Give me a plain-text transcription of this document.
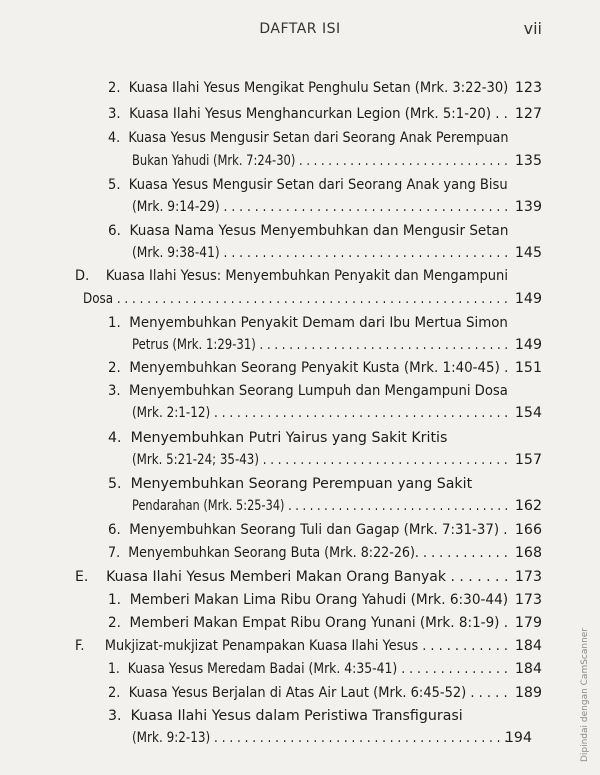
DAFTAR ISI	vii
2. Kuasa Ilahi Yesus Mengikat Penghulu Setan (Mrk. 3:22-30) 123
3. Kuasa Ilahi Yesus Menghancurkan Legion (Mrk. 5:1-20) . . 127
4. Kuasa Yesus Mengusir Setan dari Seorang Anak Perempuan
Bukan Yahudi (Mrk. 7:24-30) . . . . . . . . . . . . . . . . . . . . . . . . . . . . . 135
5. Kuasa Yesus Mengusir Setan dari Seorang Anak yang Bisu
(Mrk. 9:14-29) . . . . . . . . . . . . . . . . . . . . . . . . . . . . . . . . . . . . . 139
6. Kuasa Nama Yesus Menyembuhkan dan Mengusir Setan
(Mrk. 9:38-41) . . . . . . . . . . . . . . . . . . . . . . . . . . . . . . . . . . . . . 145
D. Kuasa Ilahi Yesus: Menyembuhkan Penyakit dan Mengampuni
Dosa . . . . . . . . . . . . . . . . . . . . . . . . . . . . . . . . . . . . . . . . . . . . . . . . . . . . 149
1. Menyembuhkan Penyakit Demam dari Ibu Mertua Simon
Petrus (Mrk. 1:29-31) . . . . . . . . . . . . . . . . . . . . . . . . . . . . . . . . . . 149
2. Menyembuhkan Seorang Penyakit Kusta (Mrk. 1:40-45) . 151
3. Menyembuhkan Seorang Lumpuh dan Mengampuni Dosa
(Mrk. 2:1-12) . . . . . . . . . . . . . . . . . . . . . . . . . . . . . . . . . . . . . . . 154
4. Menyembuhkan Putri Yairus yang Sakit Kritis
(Mrk. 5:21-24; 35-43) . . . . . . . . . . . . . . . . . . . . . . . . . . . . . . . . . 157
5. Menyembuhkan Seorang Perempuan yang Sakit
Pendarahan (Mrk. 5:25-34) . . . . . . . . . . . . . . . . . . . . . . . . . . . . . . . 162
6. Menyembuhkan Seorang Tuli dan Gagap (Mrk. 7:31-37) . 166
7. Menyembuhkan Seorang Buta (Mrk. 8:22-26). . . . . . . . . . . . 168
E. Kuasa Ilahi Yesus Memberi Makan Orang Banyak . . . . . . . 173
1. Memberi Makan Lima Ribu Orang Yahudi (Mrk. 6:30-44) 173
2. Memberi Makan Empat Ribu Orang Yunani (Mrk. 8:1-9) . 179
F. Mukjizat-mukjizat Penampakan Kuasa Ilahi Yesus . . . . . . . . . . . 184
1. Kuasa Yesus Meredam Badai (Mrk. 4:35-41) . . . . . . . . . . . . . . 184
2. Kuasa Yesus Berjalan di Atas Air Laut (Mrk. 6:45-52) . . . . . 189
3. Kuasa Ilahi Yesus dalam Peristiwa Transfigurasi
(Mrk. 9:2-13) . . . . . . . . . . . . . . . . . . . . . . . . . . . . . . . . . . . . . . .
194	Dipindai dengan CamScanner
